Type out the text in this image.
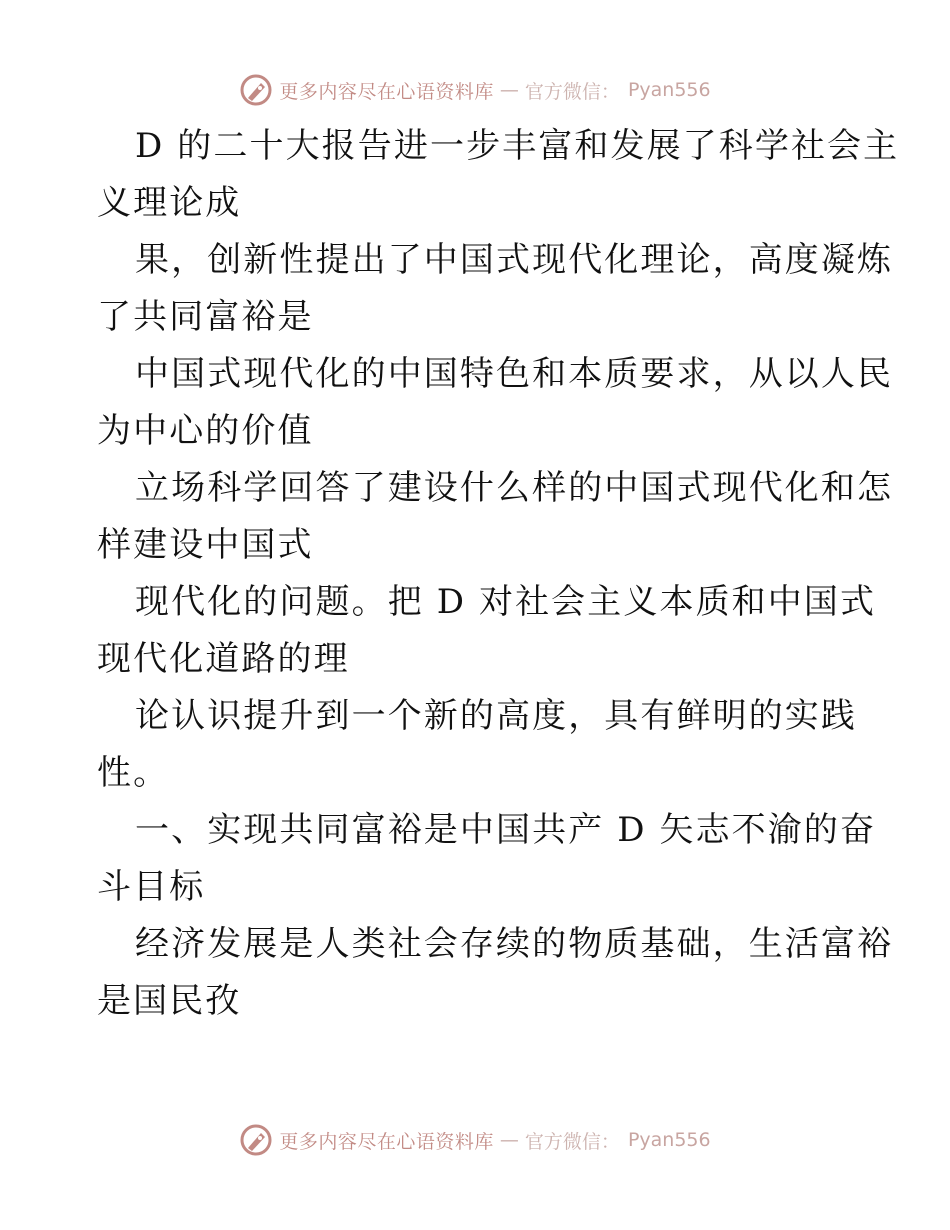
更多内容尽在心语资料库 — 官方微信： Pyan556
D 的二十大报告进一步丰富和发展了科学社会主
义理论成
果，创新性提出了中国式现代化理论，高度凝炼
了共同富裕是
中国式现代化的中国特色和本质要求，从以人民
为中心的价值
立场科学回答了建设什么样的中国式现代化和怎
样建设中国式
现代化的问题。把 D 对社会主义本质和中国式
现代化道路的理
论认识提升到一个新的高度，具有鲜明的实践
性。
一、实现共同富裕是中国共产 D 矢志不渝的奋
斗目标
经济发展是人类社会存续的物质基础，生活富裕
是国民孜
更多内容尽在心语资料库 — 官方微信： Pyan556
